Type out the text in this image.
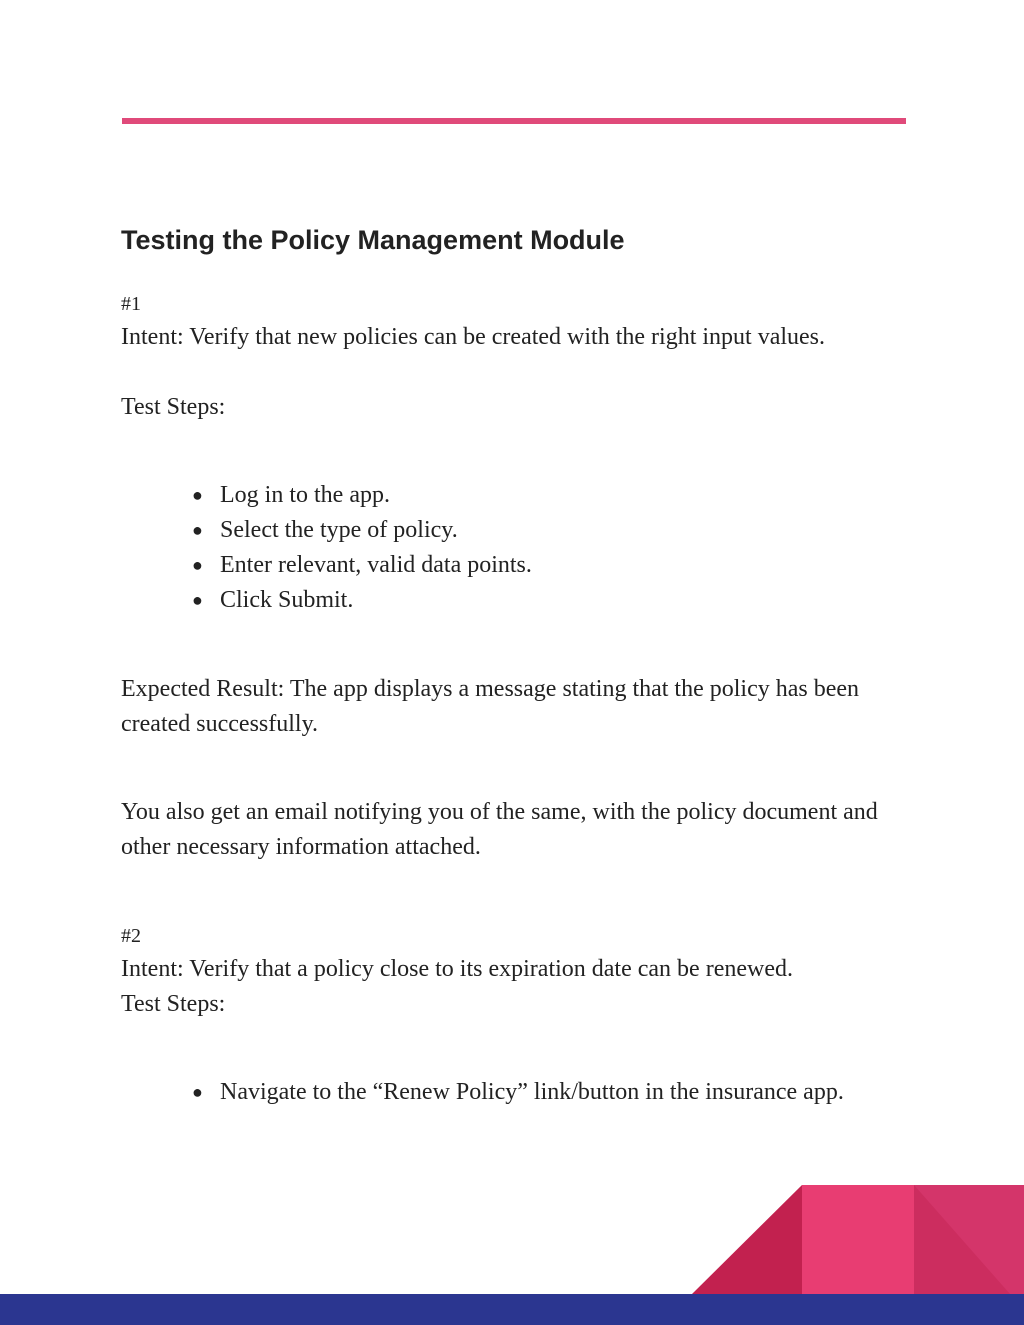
Testing the Policy Management Module

#1

Intent: Verify that new policies can be created with the right input values.

Test Steps:

● Log in to the app.
● Select the type of policy.
● Enter relevant, valid data points.
● Click Submit.

Expected Result: The app displays a message stating that the policy has been created successfully.

You also get an email notifying you of the same, with the policy document and other necessary information attached.

#2

Intent: Verify that a policy close to its expiration date can be renewed.

Test Steps:

● Navigate to the “Renew Policy” link/button in the insurance app.
